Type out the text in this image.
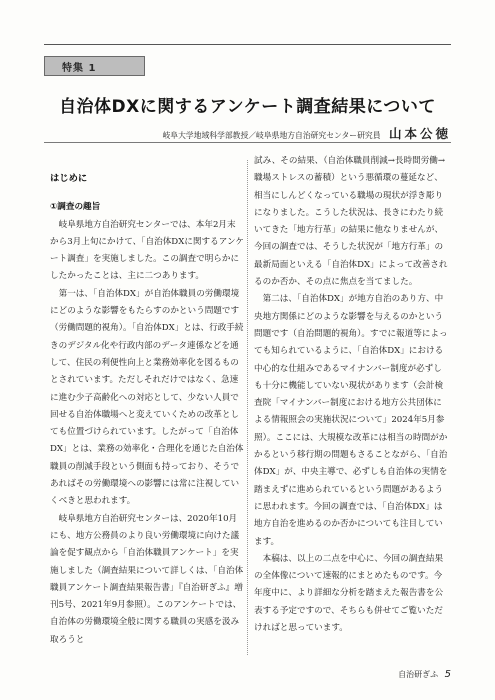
特集 1
自治体DXに関するアンケート調査結果について
岐阜大学地域科学部教授／岐阜県地方自治研究センター研究員 山本公徳
はじめに
①調査の趣旨

岐阜県地方自治研究センターでは、本年2月末から3月上旬にかけて、「自治体DXに関するアンケート調査」を実施しました。この調査で明らかにしたかったことは、主に二つあります。

第一は、「自治体DX」が自治体職員の労働環境にどのような影響をもたらすのかという問題です（労働問題的視角）。「自治体DX」とは、行政手続きのデジタル化や行政内部のデータ連係などを通して、住民の利便性向上と業務効率化を図るものとされています。ただしそれだけではなく、急速に進む少子高齢化への対応として、少ない人員で回せる自治体職場へと変えていくための改革としても位置づけられています。したがって「自治体DX」とは、業務の効率化・合理化を通じた自治体職員の削減手段という側面も持っており、そうであればその労働環境への影響には常に注視していくべきと思われます。

岐阜県地方自治研究センターは、2020年10月にも、地方公務員のより良い労働環境に向けた議論を促す観点から「自治体職員アンケート」を実施しました（調査結果について詳しくは、「自治体職員アンケート調査結果報告書」『自治研ぎふ』増刊5号、2021年9月参照）。このアンケートでは、自治体の労働環境全般に関する職員の実感を汲み取ろうと

試み、その結果、（自治体職員削減→長時間労働→職場ストレスの蓄積）という悪循環の蔓延など、相当にしんどくなっている職場の現状が浮き彫りになりました。こうした状況は、長きにわたり続いてきた「地方行革」の結果に他なりませんが、今回の調査では、そうした状況が「地方行革」の最新局面といえる「自治体DX」によって改善されるのか否か、その点に焦点を当てました。

第二は、「自治体DX」が地方自治のあり方、中央地方関係にどのような影響を与えるのかという問題です（自治問題的視角）。すでに報道等によっても知られているように、「自治体DX」における中心的な仕組みであるマイナンバー制度が必ずしも十分に機能していない現状があります（会計検査院「マイナンバー制度における地方公共団体による情報照会の実施状況について」2024年5月参照）。ここには、大規模な改革には相当の時間がかかるという移行期の問題もさることながら、「自治体DX」が、中央主導で、必ずしも自治体の実情を踏まえずに進められているという問題があるように思われます。今回の調査では、「自治体DX」は地方自治を進めるのか否かについても注目しています。

本稿は、以上の二点を中心に、今回の調査結果の全体像について速報的にまとめたものです。今年度中に、より詳細な分析を踏まえた報告書を公表する予定ですので、そちらも併せてご覧いただければと思っています。

自治研ぎふ 5
